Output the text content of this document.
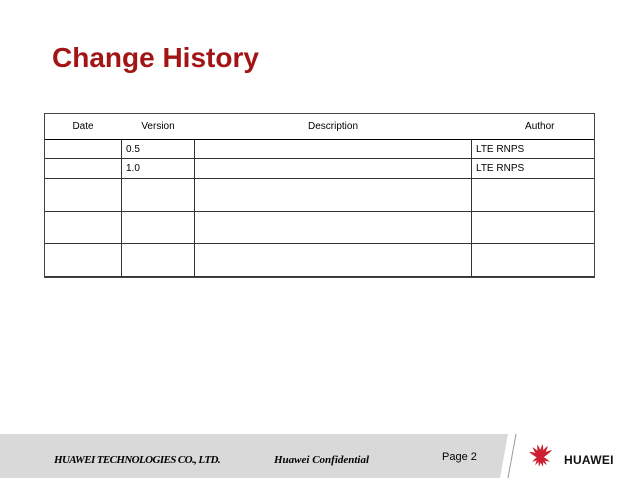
Change History
Date	Version	Description	Author
	0.5		LTE RNPS
	1.0		LTE RNPS

HUAWEI TECHNOLOGIES CO., LTD.	Huawei Confidential	Page 2	HUAWEI
